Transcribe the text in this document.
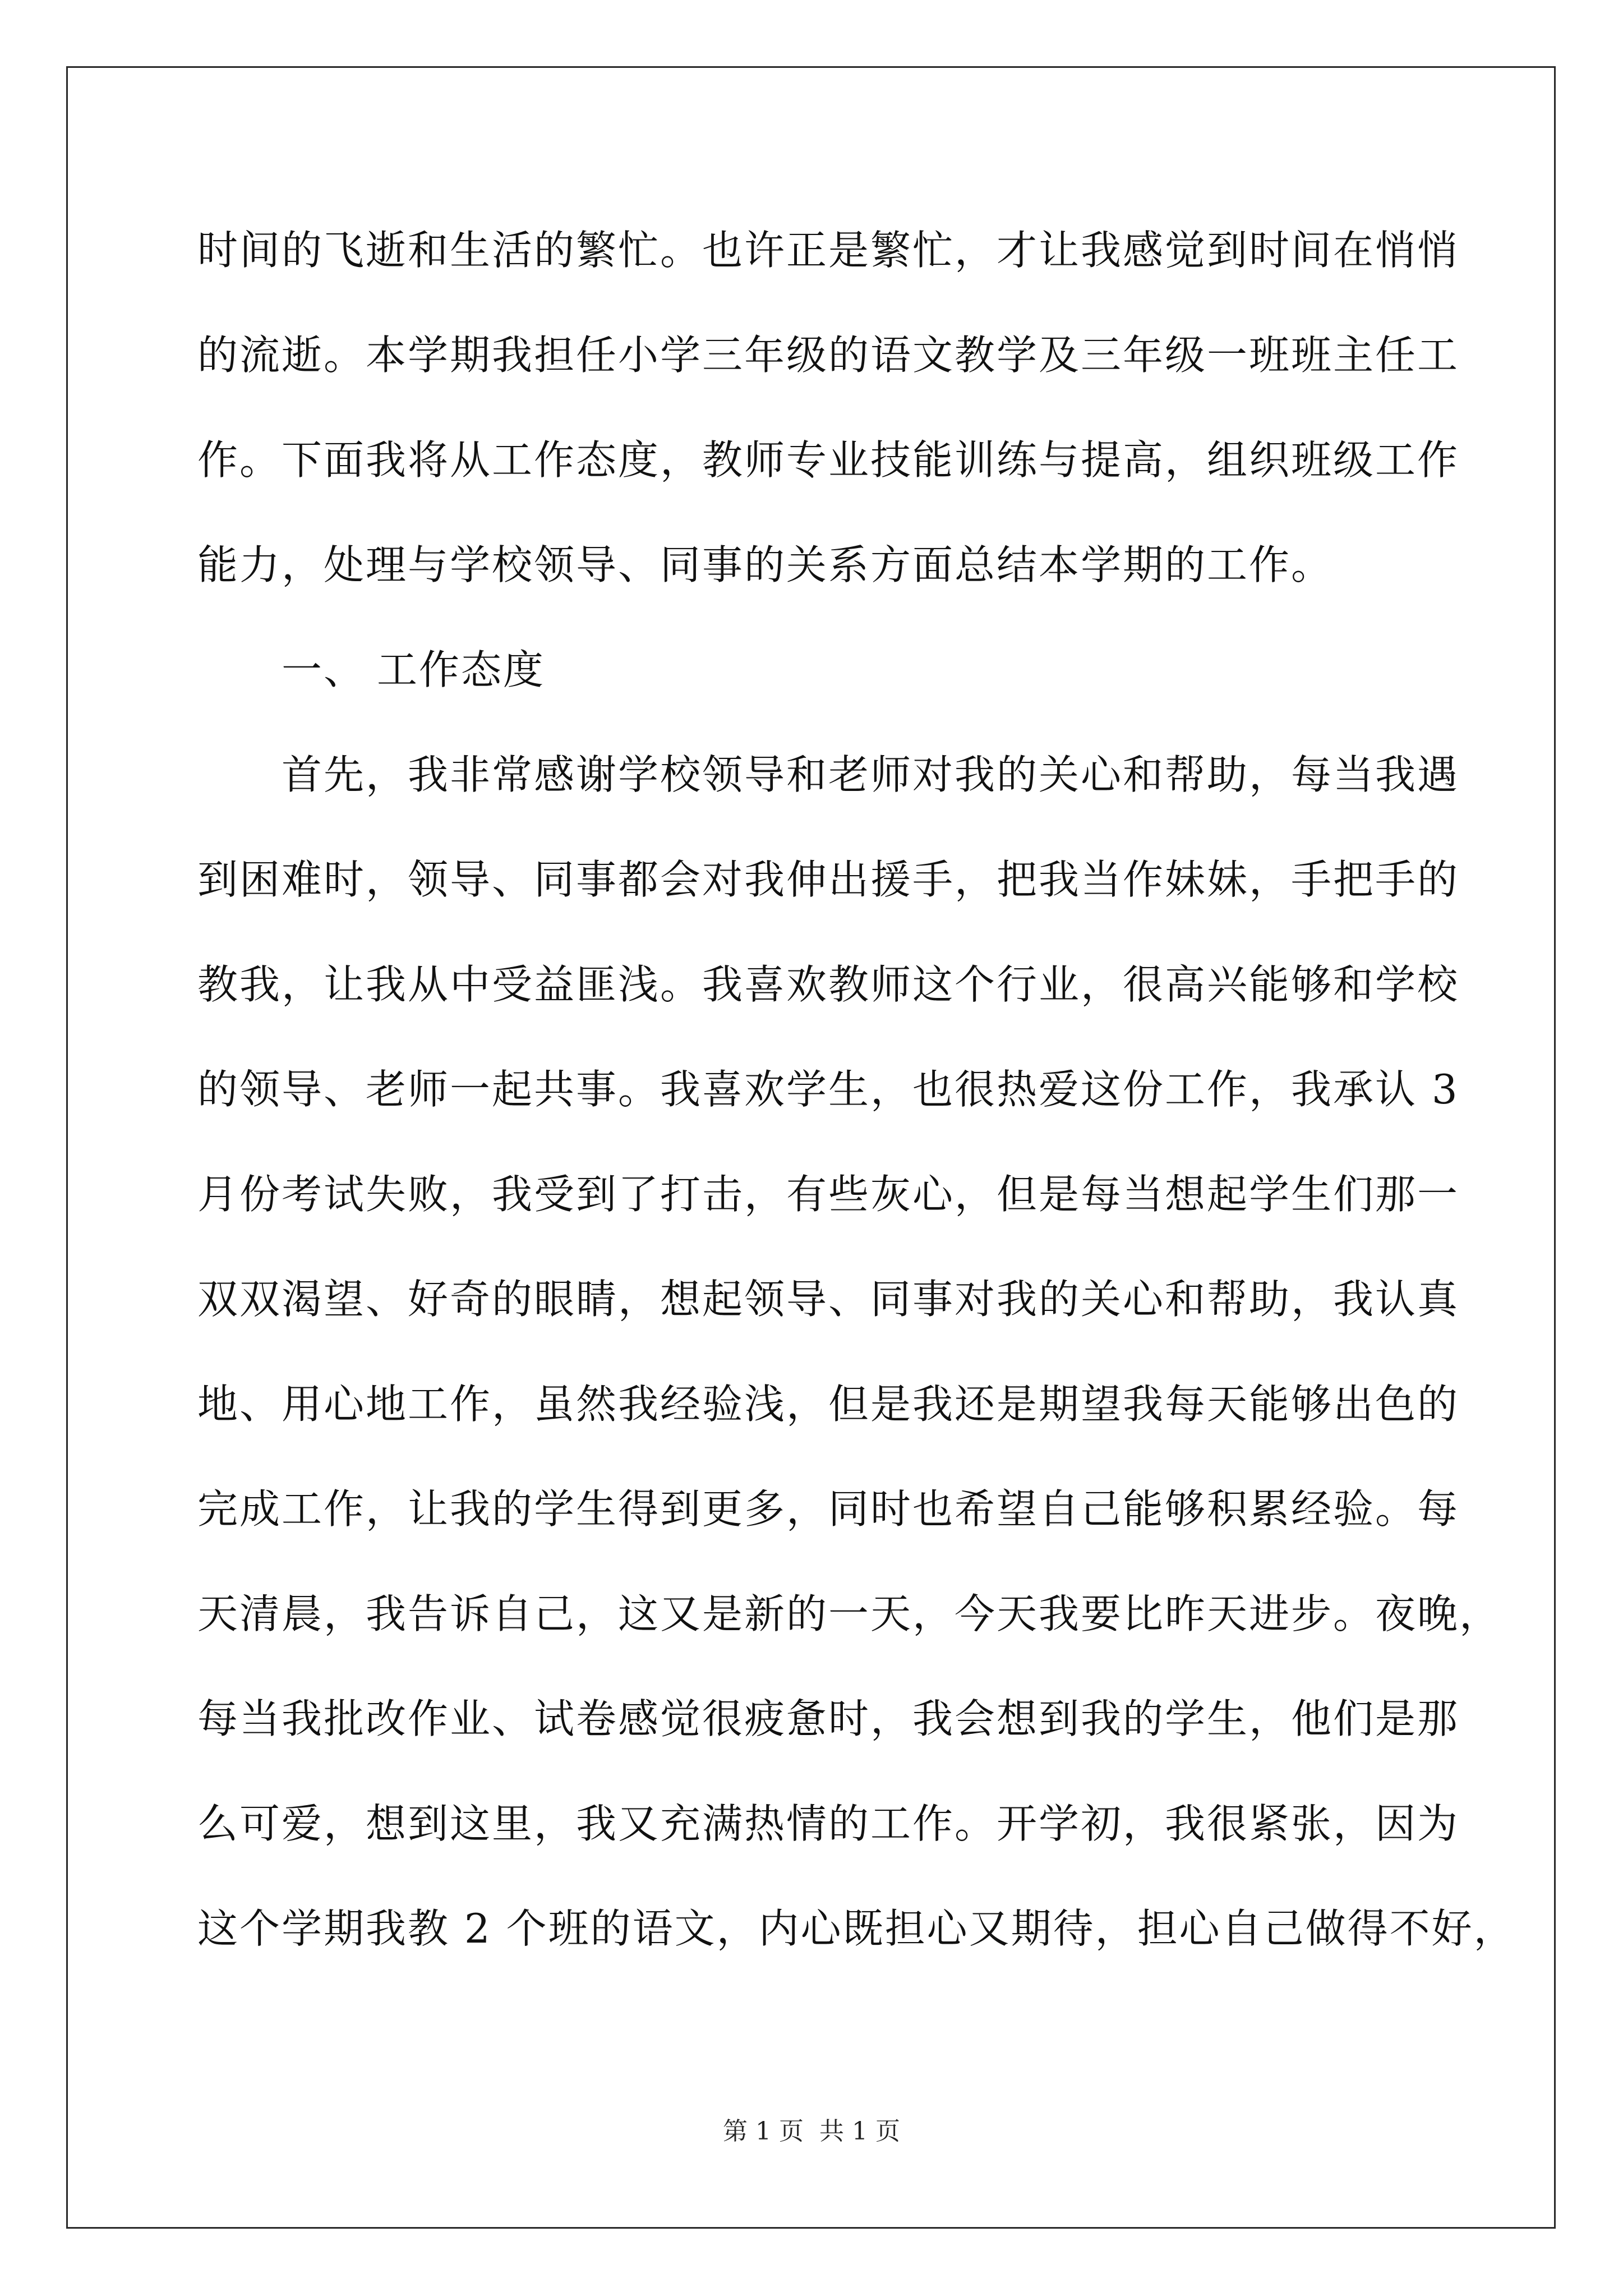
时间的飞逝和生活的繁忙。也许正是繁忙，才让我感觉到时间在悄悄
的流逝。本学期我担任小学三年级的语文教学及三年级一班班主任工
作。下面我将从工作态度，教师专业技能训练与提高，组织班级工作
能力，处理与学校领导、同事的关系方面总结本学期的工作。
一、 工作态度
首先，我非常感谢学校领导和老师对我的关心和帮助，每当我遇
到困难时，领导、同事都会对我伸出援手，把我当作妹妹，手把手的
教我，让我从中受益匪浅。我喜欢教师这个行业，很高兴能够和学校
的领导、老师一起共事。我喜欢学生，也很热爱这份工作，我承认 3
月份考试失败，我受到了打击，有些灰心，但是每当想起学生们那一
双双渴望、好奇的眼睛，想起领导、同事对我的关心和帮助，我认真
地、用心地工作，虽然我经验浅，但是我还是期望我每天能够出色的
完成工作，让我的学生得到更多，同时也希望自己能够积累经验。每
天清晨，我告诉自己，这又是新的一天，今天我要比昨天进步。夜晚，
每当我批改作业、试卷感觉很疲惫时，我会想到我的学生，他们是那
么可爱，想到这里，我又充满热情的工作。开学初，我很紧张，因为
这个学期我教 2 个班的语文，内心既担心又期待，担心自己做得不好，
第 1 页 共 1 页
